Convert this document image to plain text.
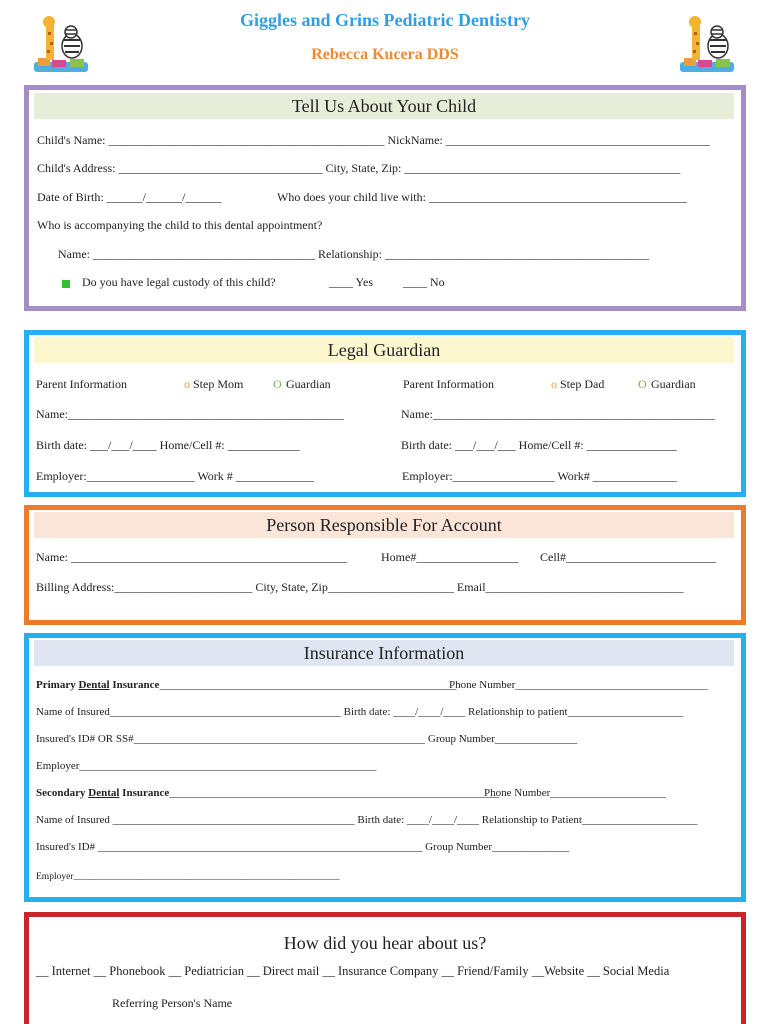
Giggles and Grins Pediatric Dentistry
Rebecca Kucera DDS
Tell Us About Your Child
Child's Name: ______________________________________________ NickName: ____________________________________________
Child's Address: __________________________________ City, State, Zip: ______________________________________________
Date of Birth: ______/______/______	Who does your child live with: ___________________________________________
Who is accompanying the child to this dental appointment?
Name: _____________________________________ Relationship: ____________________________________________
Do you have legal custody of this child?	____ Yes ____ No
Legal Guardian
Parent Information	o Step Mom O Guardian
Name:______________________________________________
Birth date: ___/___/____ Home/Cell #: ____________
Employer:__________________ Work # _____________
Parent Information	o Step Dad	O Guardian
Name:_______________________________________________
Birth date: ___/___/___ Home/Cell #: _______________
Employer:_________________ Work# ______________
Person Responsible For Account
Name: ______________________________________________	Home#_________________ Cell#_________________________
Billing Address:_______________________ City, State, Zip_____________________ Email_________________________________
Insurance Information
Primary Dental Insurance______________________________________________________
Phone Number___________________________________
Name of Insured__________________________________________ Birth date: ____/____/____ Relationship to patient_____________________
Insured's ID# OR SS#_____________________________________________________ Group Number_______________
Employer______________________________________________________
Secondary Dental Insurance____________________________________________________________
Phone Number_____________________
Name of Insured ____________________________________________ Birth date: ____/____/____ Relationship to Patient_____________________
Insured's ID# ___________________________________________________________ Group Number______________
Employer________________________________________________________
How did you hear about us?
__ Internet __ Phonebook __ Pediatrician __ Direct mail __ Insurance Company __ Friend/Family __Website __ Social Media
Referring Person's Name
